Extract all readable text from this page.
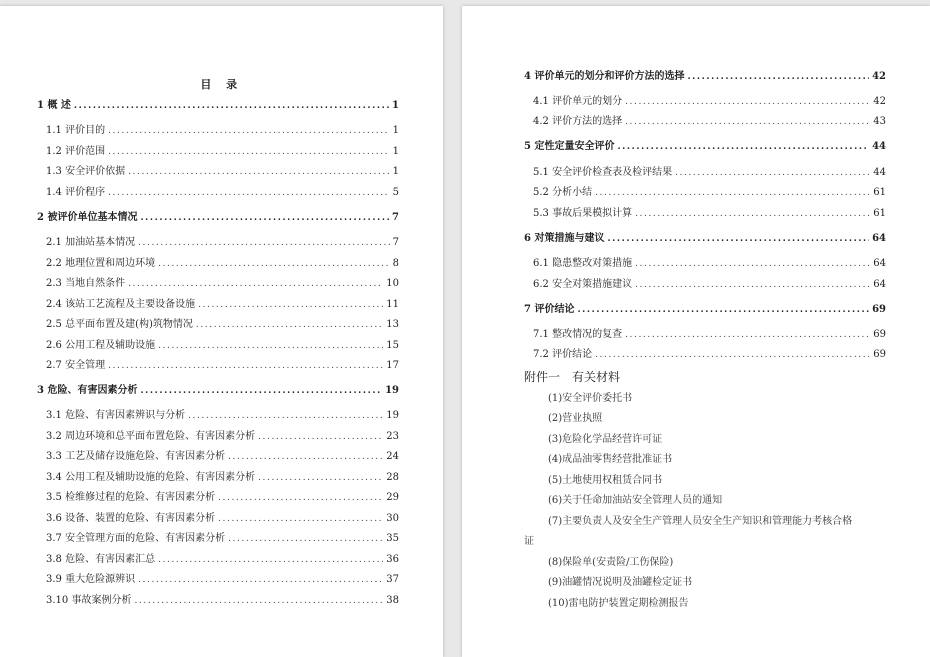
目 录
1 概 述 .....	1
1.1 评价目的 .....	1
1.2 评价范围 .....	1
1.3 安全评价依据 .....	1
1.4 评价程序 .....	5
2 被评价单位基本情况 .....	7
2.1 加油站基本情况 .....	7
2.2 地理位置和周边环境 .....	8
2.3 当地自然条件 .....	10
2.4 该站工艺流程及主要设备设施 .....	11
2.5 总平面布置及建(构)筑物情况 .....	13
2.6 公用工程及辅助设施 .....	15
2.7 安全管理 .....	17
3 危险、有害因素分析 .....	19
3.1 危险、有害因素辨识与分析 .....	19
3.2 周边环境和总平面布置危险、有害因素分析 .....	23
3.3 工艺及储存设施危险、有害因素分析 .....	24
3.4 公用工程及辅助设施的危险、有害因素分析 .....	28
3.5 检维修过程的危险、有害因素分析 .....	29
3.6 设备、装置的危险、有害因素分析 .....	30
3.7 安全管理方面的危险、有害因素分析 .....	35
3.8 危险、有害因素汇总 .....	36
3.9 重大危险源辨识 .....	37
3.10 事故案例分析 .....	38
4 评价单元的划分和评价方法的选择 .....	42
4.1 评价单元的划分 .....	42
4.2 评价方法的选择 .....	43
5 定性定量安全评价 .....	44
5.1 安全评价检查表及检评结果 .....	44
5.2 分析小结 .....	61
5.3 事故后果模拟计算 .....	61
6 对策措施与建议 .....	64
6.1 隐患整改对策措施 .....	64
6.2 安全对策措施建议 .....	64
7 评价结论 .....	69
7.1 整改情况的复查 .....	69
7.2 评价结论 .....	69
附件一　有关材料
(1)安全评价委托书
(2)营业执照
(3)危险化学品经营许可证
(4)成品油零售经营批准证书
(5)土地使用权租赁合同书
(6)关于任命加油站安全管理人员的通知
(7)主要负责人及安全生产管理人员安全生产知识和管理能力考核合格
证
(8)保险单(安责险/工伤保险)
(9)油罐情况说明及油罐检定证书
(10)雷电防护装置定期检测报告
